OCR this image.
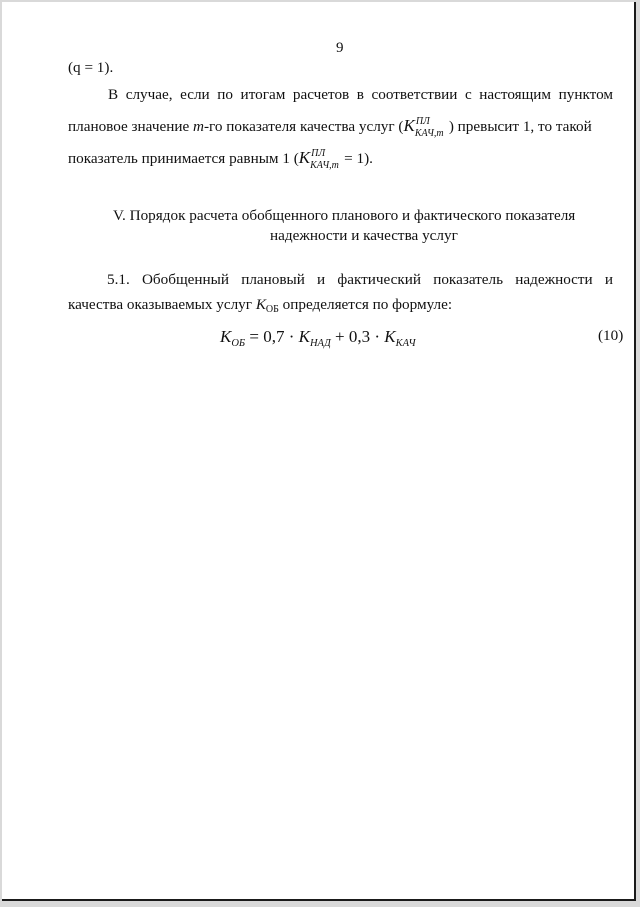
9
(q = 1).
В случае, если по итогам расчетов в соответствии с настоящим пунктом
плановое значение m-го показателя качества услуг (K ПЛ
КАЧ,m ) превысит 1, то такой
показатель принимается равным 1 (K ПЛ
КАЧ,m = 1).
V. Порядок расчета обобщенного планового и фактического показателя
надежности и качества услуг
5.1. Обобщенный плановый и фактический показатель надежности и
качества оказываемых услуг КОБ определяется по формуле:
$K_{ОБ} = 0,7 \cdot K_{НАД} + 0,3 \cdot K_{КАЧ}$	(10)
